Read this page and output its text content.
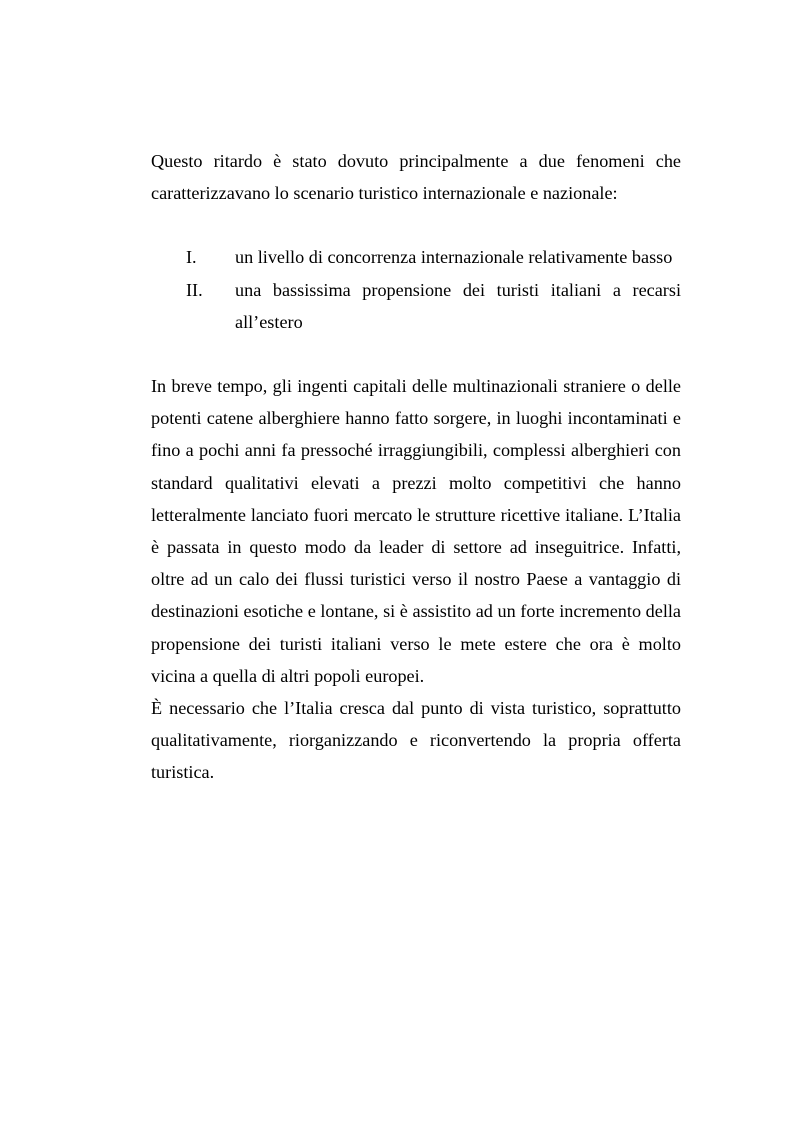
Questo ritardo è stato dovuto principalmente a due fenomeni che caratterizzavano lo scenario turistico internazionale e nazionale:

I. un livello di concorrenza internazionale relativamente basso
II. una bassissima propensione dei turisti italiani a recarsi all’estero

In breve tempo, gli ingenti capitali delle multinazionali straniere o delle potenti catene alberghiere hanno fatto sorgere, in luoghi incontaminati e fino a pochi anni fa pressoché irraggiungibili, complessi alberghieri con standard qualitativi elevati a prezzi molto competitivi che hanno letteralmente lanciato fuori mercato le strutture ricettive italiane. L’Italia è passata in questo modo da leader di settore ad inseguitrice. Infatti, oltre ad un calo dei flussi turistici verso il nostro Paese a vantaggio di destinazioni esotiche e lontane, si è assistito ad un forte incremento della propensione dei turisti italiani verso le mete estere che ora è molto vicina a quella di altri popoli europei.

È necessario che l’Italia cresca dal punto di vista turistico, soprattutto qualitativamente, riorganizzando e riconvertendo la propria offerta turistica.
